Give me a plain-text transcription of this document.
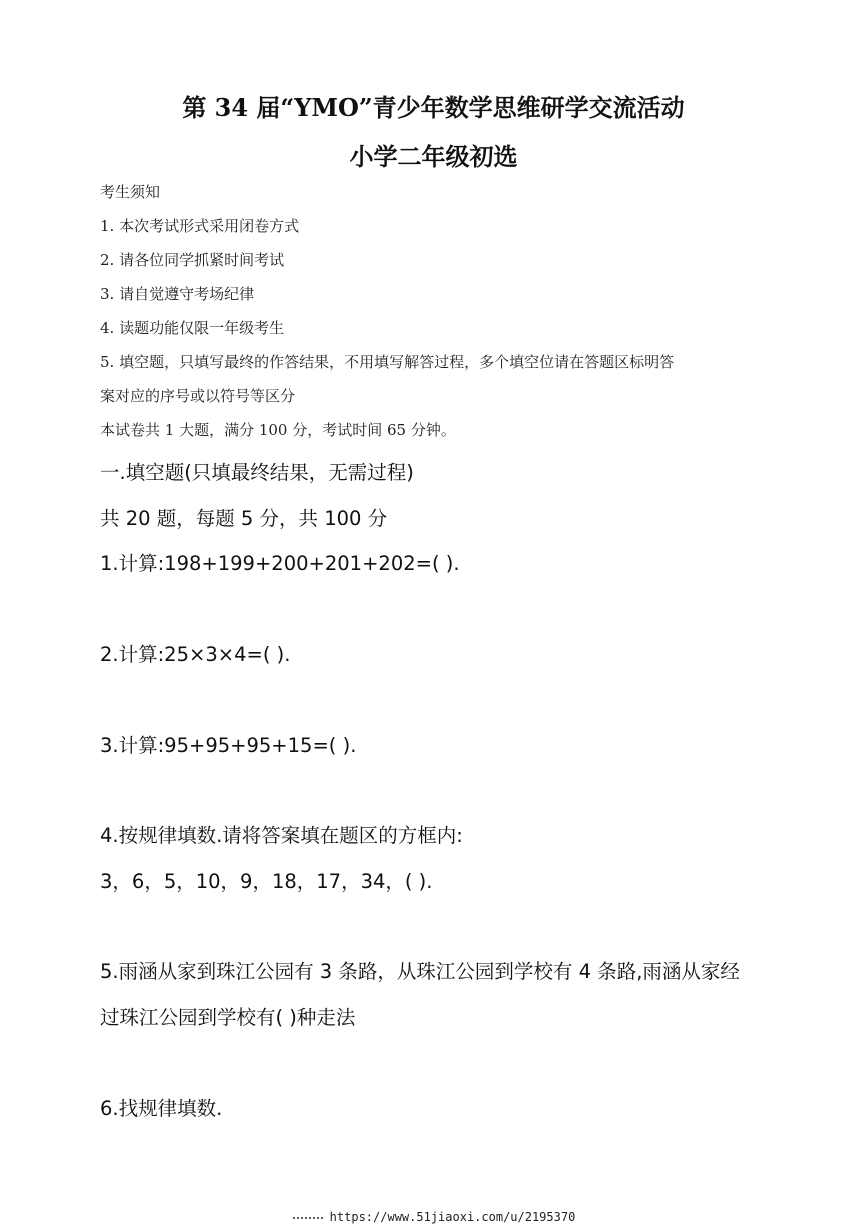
第 34 届“YMO”青少年数学思维研学交流活动
小学二年级初选
考生须知
1. 本次考试形式采用闭卷方式
2. 请各位同学抓紧时间考试
3. 请自觉遵守考场纪律
4. 读题功能仅限一年级考生
5. 填空题，只填写最终的作答结果，不用填写解答过程，多个填空位请在答题区标明答
案对应的序号或以符号等区分
本试卷共 1 大题，满分 100 分，考试时间 65 分钟。
一.填空题(只填最终结果，无需过程)
共 20 题，每题 5 分，共 100 分
1.计算:198+199+200+201+202=( ).
2.计算:25×3×4=( ).
3.计算:95+95+95+15=( ).
4.按规律填数.请将答案填在题区的方框内:
3，6，5，10，9，18，17，34，( ).
5.雨涵从家到珠江公园有 3 条路，从珠江公园到学校有 4 条路,雨涵从家经
过珠江公园到学校有( )种走法
6.找规律填数.
https://www.51jiaoxi.com/u/2195370
